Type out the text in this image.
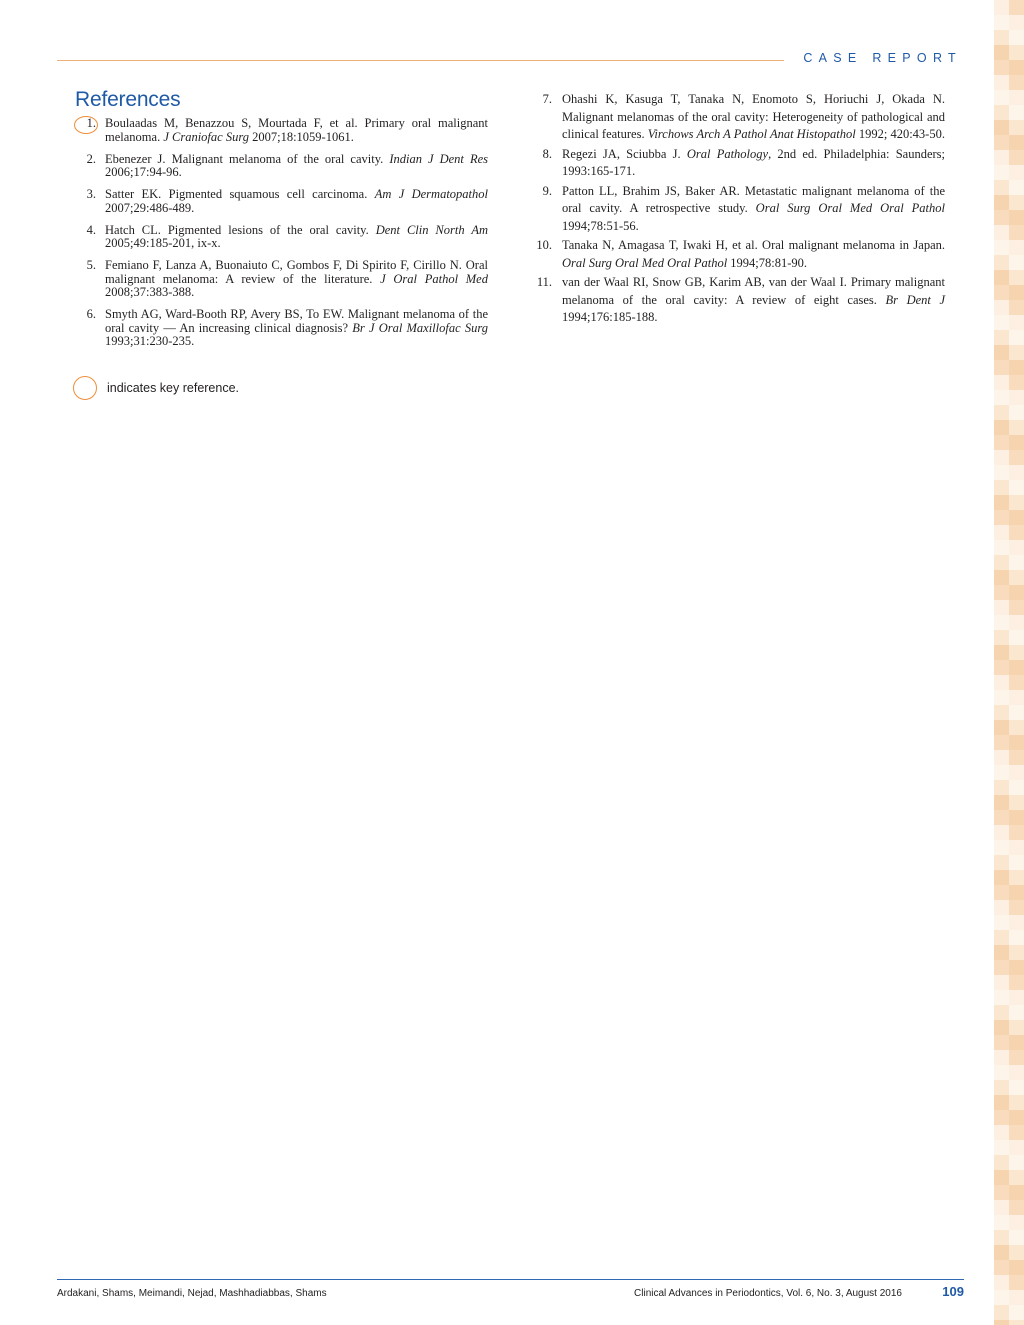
CASE REPORT
References
1. Boulaadas M, Benazzou S, Mourtada F, et al. Primary oral malignant melanoma. J Craniofac Surg 2007;18:1059-1061.
2. Ebenezer J. Malignant melanoma of the oral cavity. Indian J Dent Res 2006;17:94-96.
3. Satter EK. Pigmented squamous cell carcinoma. Am J Dermatopathol 2007;29:486-489.
4. Hatch CL. Pigmented lesions of the oral cavity. Dent Clin North Am 2005;49:185-201, ix-x.
5. Femiano F, Lanza A, Buonaiuto C, Gombos F, Di Spirito F, Cirillo N. Oral malignant melanoma: A review of the literature. J Oral Pathol Med 2008;37:383-388.
6. Smyth AG, Ward-Booth RP, Avery BS, To EW. Malignant melanoma of the oral cavity — An increasing clinical diagnosis? Br J Oral Maxillofac Surg 1993;31:230-235.
7. Ohashi K, Kasuga T, Tanaka N, Enomoto S, Horiuchi J, Okada N. Malignant melanomas of the oral cavity: Heterogeneity of pathological and clinical features. Virchows Arch A Pathol Anat Histopathol 1992; 420:43-50.
8. Regezi JA, Sciubba J. Oral Pathology, 2nd ed. Philadelphia: Saunders; 1993:165-171.
9. Patton LL, Brahim JS, Baker AR. Metastatic malignant melanoma of the oral cavity. A retrospective study. Oral Surg Oral Med Oral Pathol 1994;78:51-56.
10. Tanaka N, Amagasa T, Iwaki H, et al. Oral malignant melanoma in Japan. Oral Surg Oral Med Oral Pathol 1994;78:81-90.
11. van der Waal RI, Snow GB, Karim AB, van der Waal I. Primary malignant melanoma of the oral cavity: A review of eight cases. Br Dent J 1994;176:185-188.
indicates key reference.
Ardakani, Shams, Meimandi, Nejad, Mashhadiabbas, Shams	Clinical Advances in Periodontics, Vol. 6, No. 3, August 2016	109
